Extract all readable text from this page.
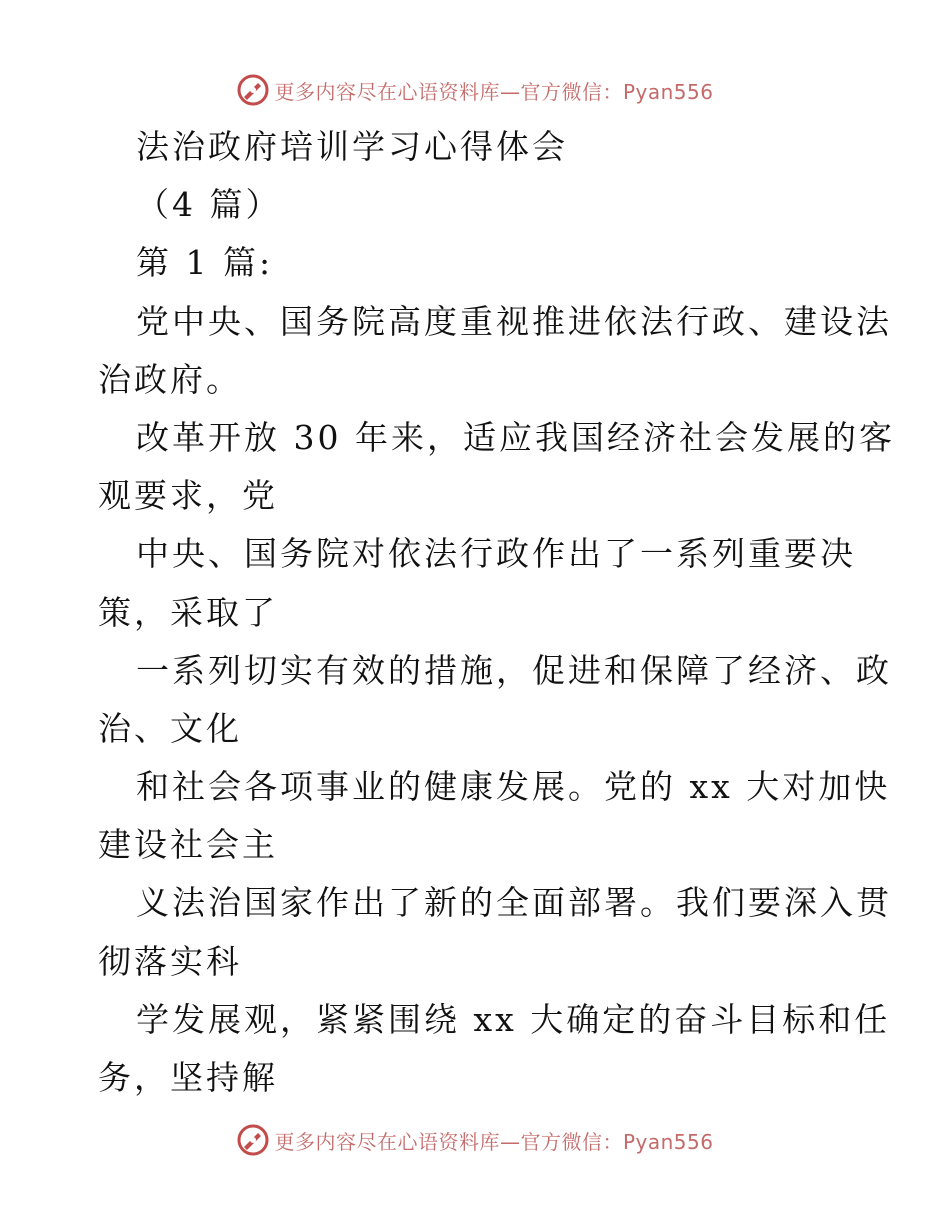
更多内容尽在心语资料库—官方微信：Pyan556
法治政府培训学习心得体会
（4 篇）
第 1 篇:
党中央、国务院高度重视推进依法行政、建设法
治政府。
改革开放 30 年来，适应我国经济社会发展的客
观要求，党
中央、国务院对依法行政作出了一系列重要决
策，采取了
一系列切实有效的措施，促进和保障了经济、政
治、文化
和社会各项事业的健康发展。党的 xx 大对加快
建设社会主
义法治国家作出了新的全面部署。我们要深入贯
彻落实科
学发展观，紧紧围绕 xx 大确定的奋斗目标和任
务，坚持解
更多内容尽在心语资料库—官方微信：Pyan556
